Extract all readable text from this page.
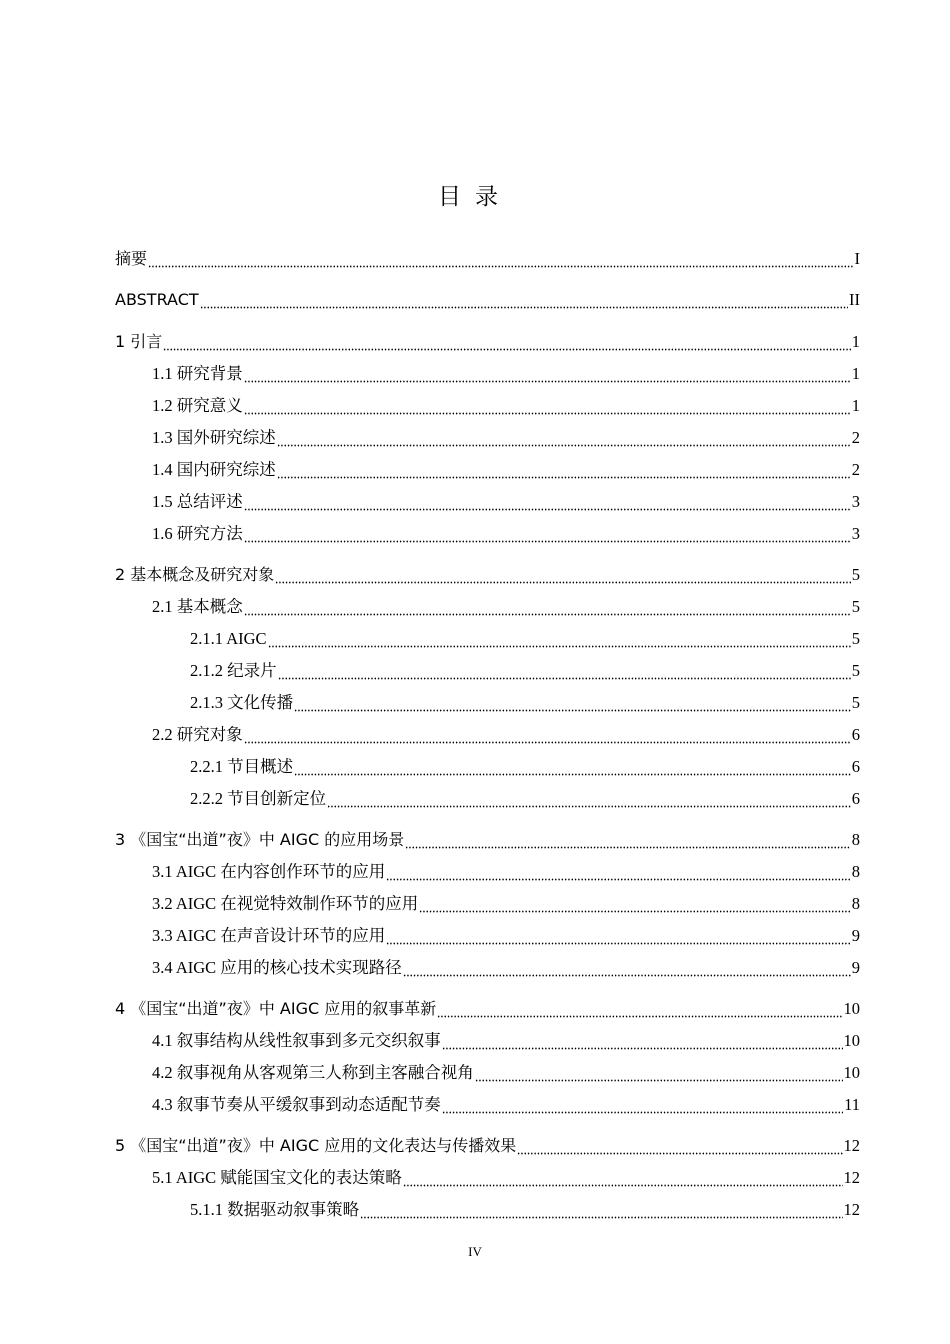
目录
摘要	I
ABSTRACT	II
1 引言	1
1.1 研究背景	1
1.2 研究意义	1
1.3 国外研究综述	2
1.4 国内研究综述	2
1.5 总结评述	3
1.6 研究方法	3
2 基本概念及研究对象	5
2.1 基本概念	5
2.1.1 AIGC	5
2.1.2 纪录片	5
2.1.3 文化传播	5
2.2 研究对象	6
2.2.1 节目概述	6
2.2.2 节目创新定位	6
3 《国宝“出道”夜》中 AIGC 的应用场景	8
3.1 AIGC 在内容创作环节的应用	8
3.2 AIGC 在视觉特效制作环节的应用	8
3.3 AIGC 在声音设计环节的应用	9
3.4 AIGC 应用的核心技术实现路径	9
4 《国宝“出道”夜》中 AIGC 应用的叙事革新	10
4.1 叙事结构从线性叙事到多元交织叙事	10
4.2 叙事视角从客观第三人称到主客融合视角	10
4.3 叙事节奏从平缓叙事到动态适配节奏	11
5 《国宝“出道”夜》中 AIGC 应用的文化表达与传播效果	12
5.1 AIGC 赋能国宝文化的表达策略	12
5.1.1 数据驱动叙事策略	12
IV
